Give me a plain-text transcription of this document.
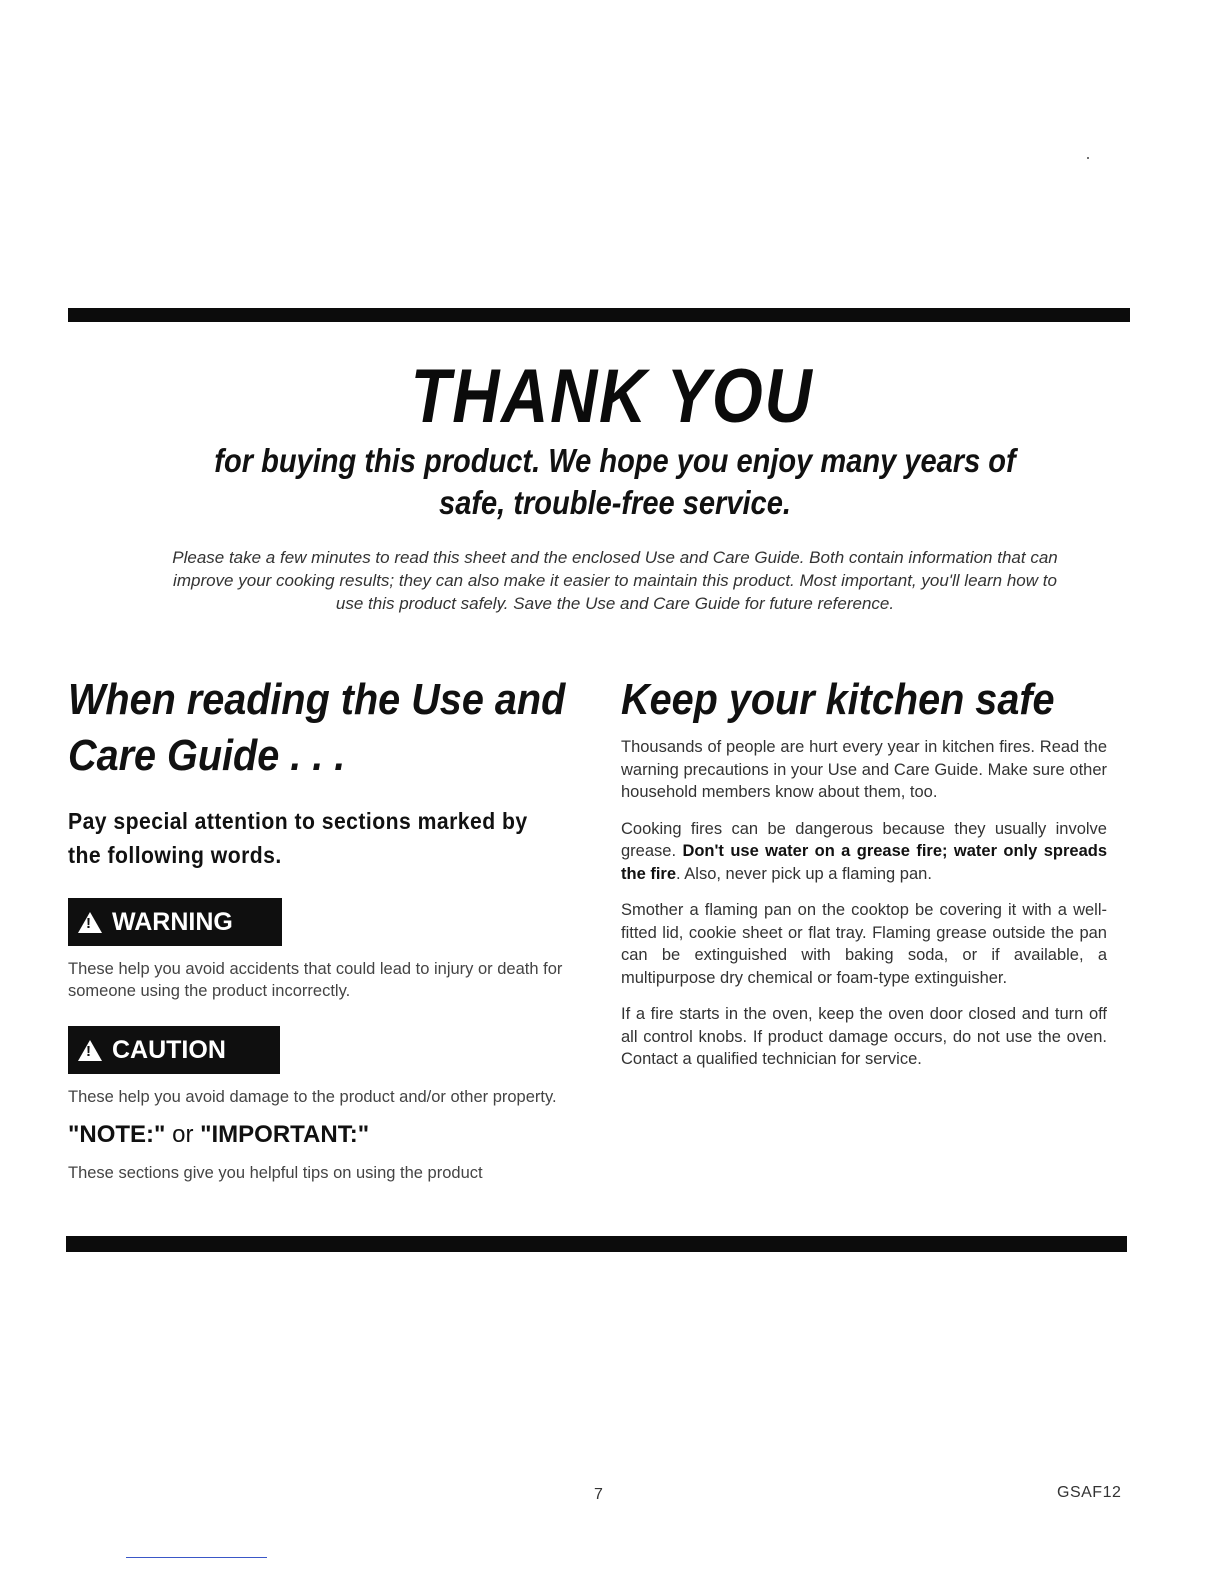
THANK YOU
for buying this product. We hope you enjoy many years of
safe, trouble-free service.
Please take a few minutes to read this sheet and the enclosed Use and Care Guide. Both contain information that can improve your cooking results; they can also make it easier to maintain this product. Most important, you'll learn how to use this product safely. Save the Use and Care Guide for future reference.
When reading the Use and
Care Guide . . .
Pay special attention to sections marked by the following words.
!
WARNING

These help you avoid accidents that could lead to injury or death for someone using the product incorrectly.

!
CAUTION

These help you avoid damage to the product and/or other property.

"NOTE:" or "IMPORTANT:"

These sections give you helpful tips on using the product

Keep your kitchen safe

Thousands of people are hurt every year in kitchen fires. Read the warning precautions in your Use and Care Guide. Make sure other household members know about them, too.

Cooking fires can be dangerous because they usually involve grease. Don't use water on a grease fire; water only spreads the fire. Also, never pick up a flaming pan.

Smother a flaming pan on the cooktop be covering it with a well-fitted lid, cookie sheet or flat tray. Flaming grease outside the pan can be extinguished with baking soda, or if available, a multipurpose dry chemical or foam-type extinguisher.

If a fire starts in the oven, keep the oven door closed and turn off all control knobs. If product damage occurs, do not use the oven. Contact a qualified technician for service.

7	GSAF12
